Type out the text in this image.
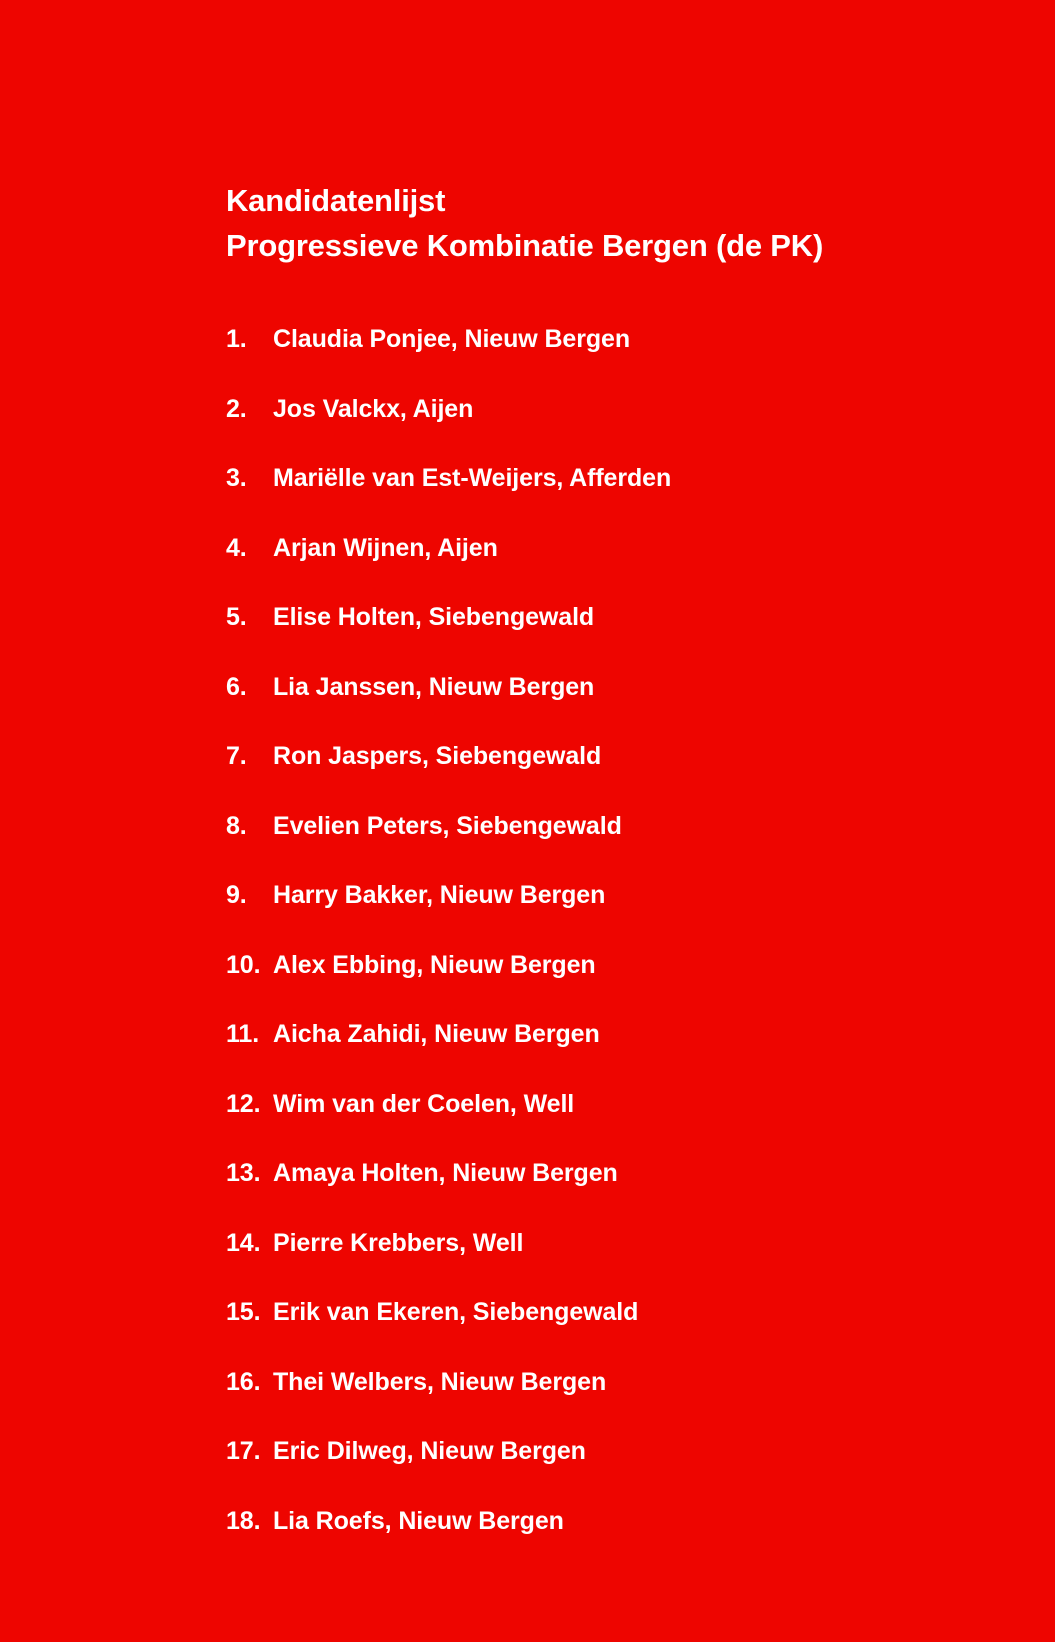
Kandidatenlijst
Progressieve Kombinatie Bergen (de PK)
1.	Claudia Ponjee, Nieuw Bergen
2.	Jos Valckx, Aijen
3.	Mariëlle van Est-Weijers, Afferden
4.	Arjan Wijnen, Aijen
5.	Elise Holten, Siebengewald
6.	Lia Janssen, Nieuw Bergen
7.	Ron Jaspers, Siebengewald
8.	Evelien Peters, Siebengewald
9.	Harry Bakker, Nieuw Bergen
10. Alex Ebbing, Nieuw Bergen
11. Aicha Zahidi, Nieuw Bergen
12. Wim van der Coelen, Well
13. Amaya Holten, Nieuw Bergen
14. Pierre Krebbers, Well
15. Erik van Ekeren, Siebengewald
16. Thei Welbers, Nieuw Bergen
17. Eric Dilweg, Nieuw Bergen
18. Lia Roefs, Nieuw Bergen
